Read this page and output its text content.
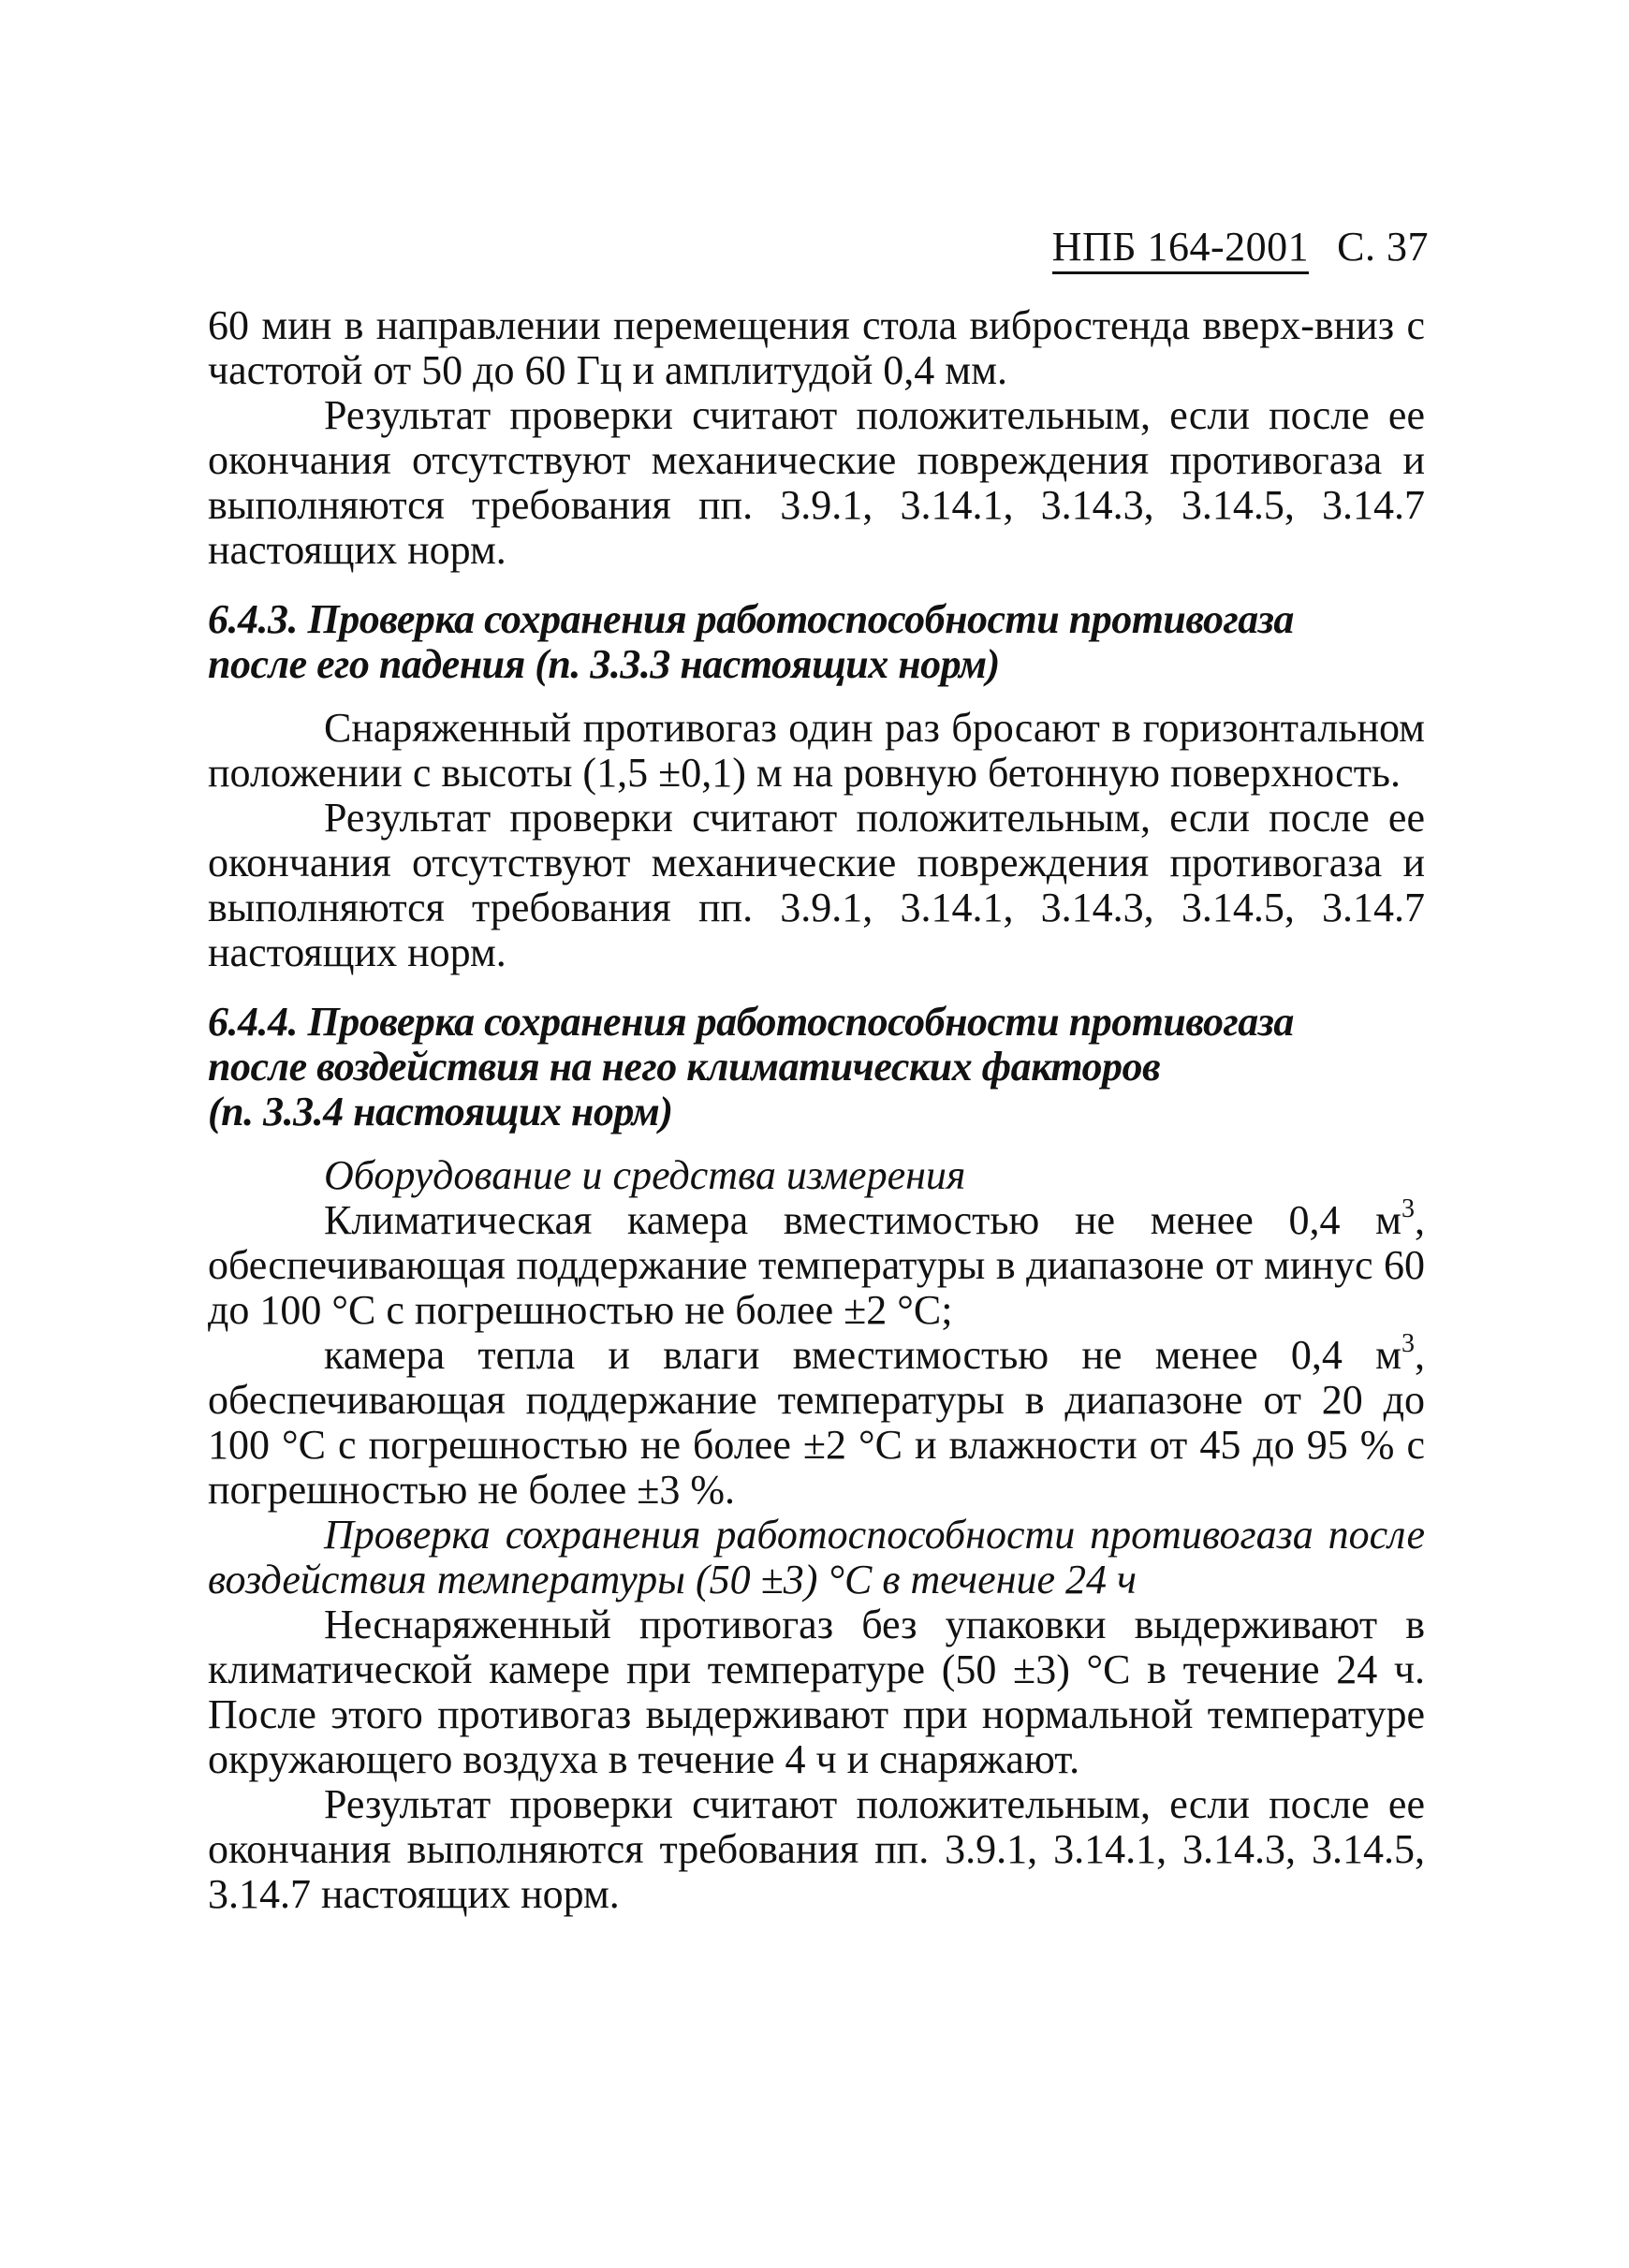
НПБ 164-2001 С. 37

60 мин в направлении перемещения стола вибростенда вверх-вниз с частотой от 50 до 60 Гц и амплитудой 0,4 мм.

Результат проверки считают положительным, если после ее окончания отсутствуют механические повреждения противогаза и выполняются требования пп. 3.9.1, 3.14.1, 3.14.3, 3.14.5, 3.14.7 настоящих норм.

6.4.3. Проверка сохранения работоспособности противогаза
после его падения (п. 3.3.3 настоящих норм)

Снаряженный противогаз один раз бросают в горизонтальном положении с высоты (1,5 ±0,1) м на ровную бетонную поверхность.

Результат проверки считают положительным, если после ее окончания отсутствуют механические повреждения противогаза и выполняются требования пп. 3.9.1, 3.14.1, 3.14.3, 3.14.5, 3.14.7 настоящих норм.

6.4.4. Проверка сохранения работоспособности противогаза
после воздействия на него климатических факторов
(п. 3.3.4 настоящих норм)

Оборудование и средства измерения

Климатическая камера вместимостью не менее 0,4 $м^3$, обеспечивающая поддержание температуры в диапазоне от минус 60 до 100 °С с погрешностью не более ±2 °С;

камера тепла и влаги вместимостью не менее 0,4 $м^3$, обеспечивающая поддержание температуры в диапазоне от 20 до 100 °С с погрешностью не более ±2 °С и влажности от 45 до 95 % с погрешностью не более ±3 %.

Проверка сохранения работоспособности противогаза после воздействия температуры (50 ±3) °С в течение 24 ч

Неснаряженный противогаз без упаковки выдерживают в климатической камере при температуре (50 ±3) °С в течение 24 ч. После этого противогаз выдерживают при нормальной температуре окружающего воздуха в течение 4 ч и снаряжают.

Результат проверки считают положительным, если после ее окончания выполняются требования пп. 3.9.1, 3.14.1, 3.14.3, 3.14.5, 3.14.7 настоящих норм.
